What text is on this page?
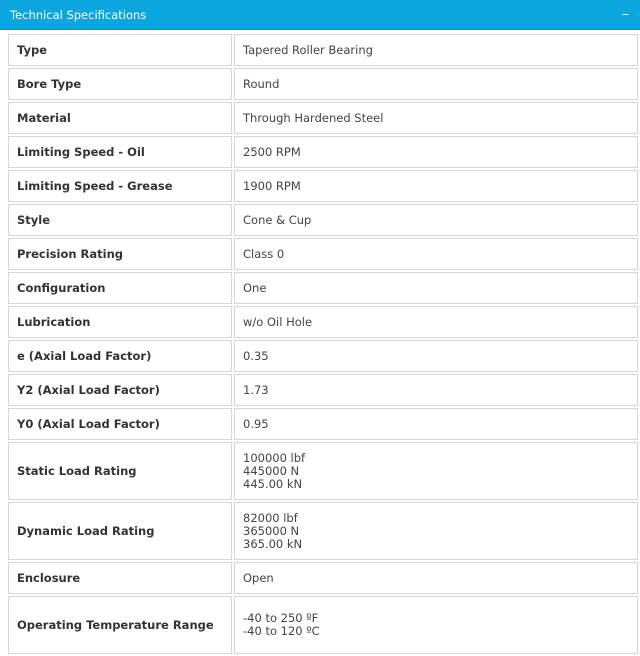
Technical Specifications	−
Type	Tapered Roller Bearing

Bore Type	Round

Material	Through Hardened Steel

Limiting Speed - Oil	2500 RPM

Limiting Speed - Grease	1900 RPM

Style	Cone & Cup

Precision Rating	Class 0

Configuration	One

Lubrication	w/o Oil Hole

e (Axial Load Factor)	0.35

Y2 (Axial Load Factor)	1.73

Y0 (Axial Load Factor)	0.95

Static Load Rating	100000 lbf
445000 N
445.00 kN

Dynamic Load Rating	82000 lbf
365000 N
365.00 kN

Enclosure	Open

Operating Temperature Range	-40 to 250 ºF
-40 to 120 ºC
